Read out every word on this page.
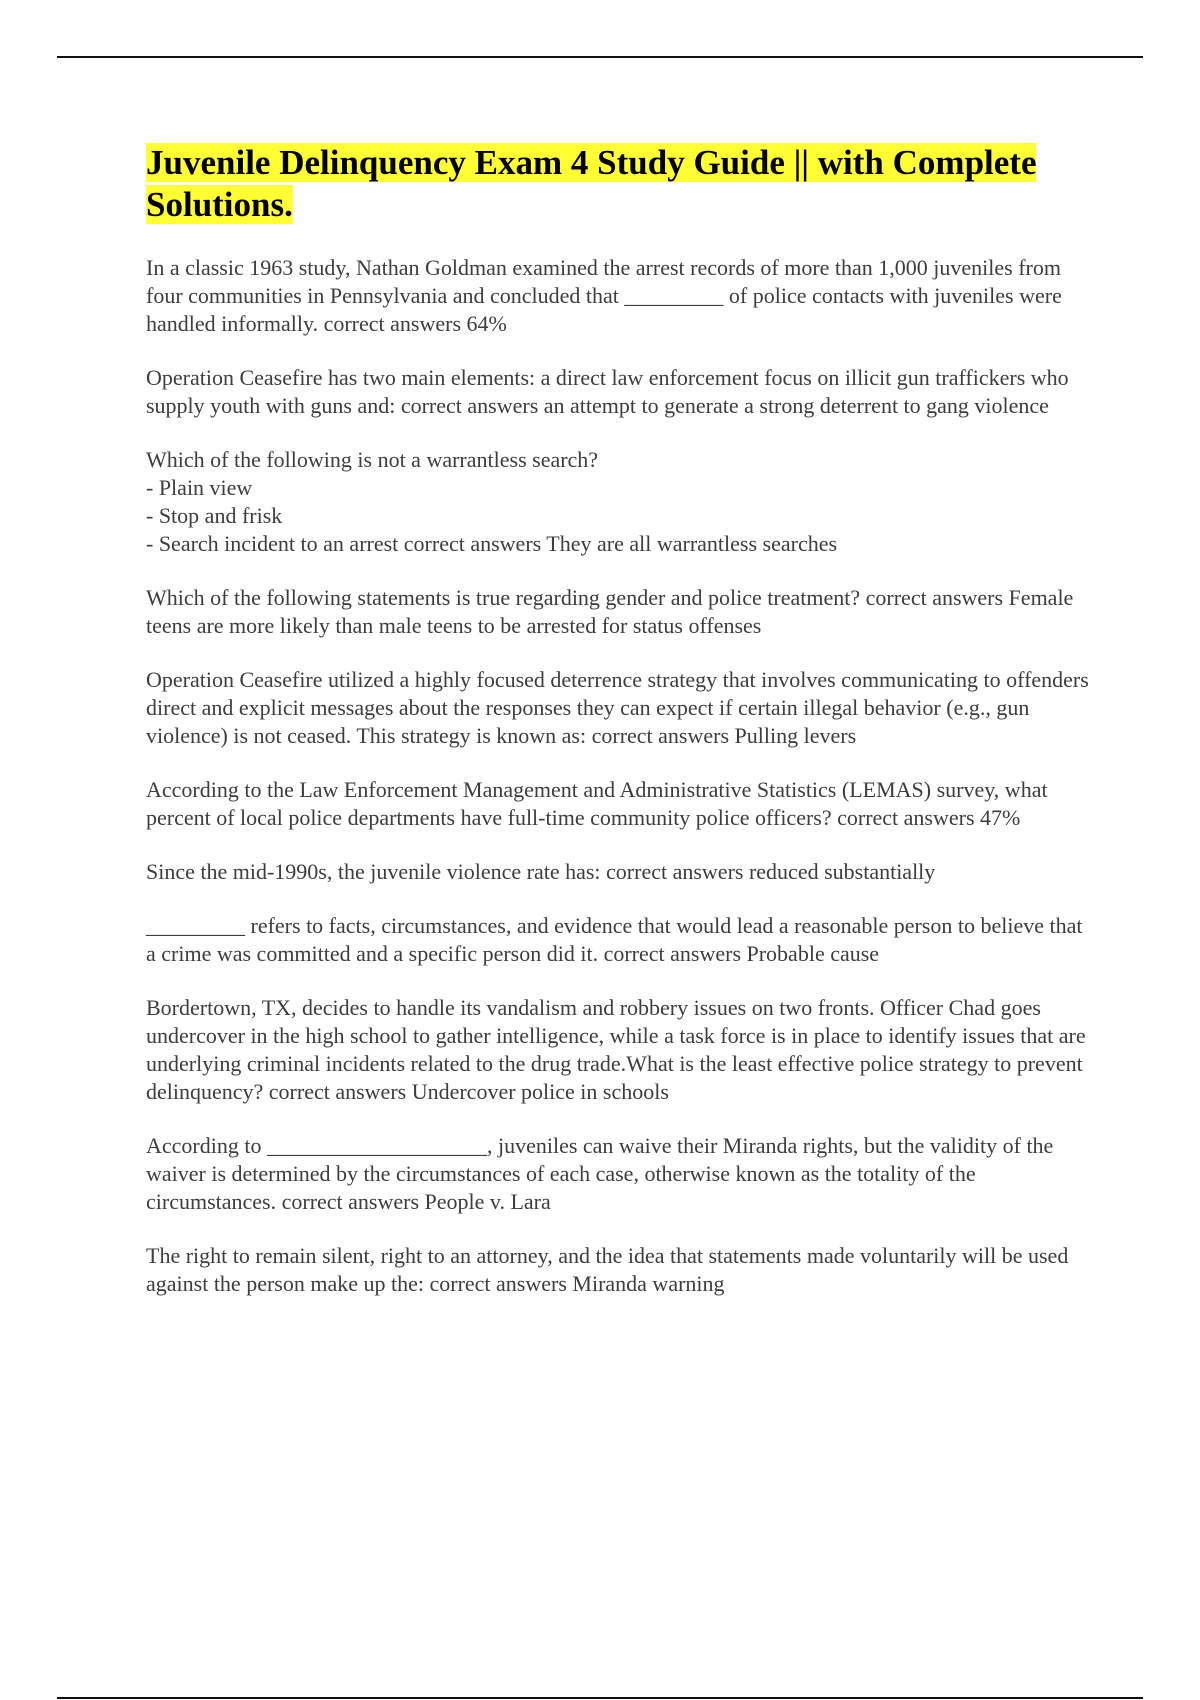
Juvenile Delinquency Exam 4 Study Guide || with Complete Solutions.

In a classic 1963 study, Nathan Goldman examined the arrest records of more than 1,000 juveniles from four communities in Pennsylvania and concluded that _________ of police contacts with juveniles were handled informally. correct answers 64%

Operation Ceasefire has two main elements: a direct law enforcement focus on illicit gun traffickers who supply youth with guns and: correct answers an attempt to generate a strong deterrent to gang violence

Which of the following is not a warrantless search?
- Plain view
- Stop and frisk
- Search incident to an arrest correct answers They are all warrantless searches

Which of the following statements is true regarding gender and police treatment? correct answers Female teens are more likely than male teens to be arrested for status offenses

Operation Ceasefire utilized a highly focused deterrence strategy that involves communicating to offenders direct and explicit messages about the responses they can expect if certain illegal behavior (e.g., gun violence) is not ceased. This strategy is known as: correct answers Pulling levers

According to the Law Enforcement Management and Administrative Statistics (LEMAS) survey, what percent of local police departments have full-time community police officers? correct answers 47%

Since the mid-1990s, the juvenile violence rate has: correct answers reduced substantially

_________ refers to facts, circumstances, and evidence that would lead a reasonable person to believe that a crime was committed and a specific person did it. correct answers Probable cause

Bordertown, TX, decides to handle its vandalism and robbery issues on two fronts. Officer Chad goes undercover in the high school to gather intelligence, while a task force is in place to identify issues that are underlying criminal incidents related to the drug trade.What is the least effective police strategy to prevent delinquency? correct answers Undercover police in schools

According to ____________________, juveniles can waive their Miranda rights, but the validity of the waiver is determined by the circumstances of each case, otherwise known as the totality of the circumstances. correct answers People v. Lara

The right to remain silent, right to an attorney, and the idea that statements made voluntarily will be used against the person make up the: correct answers Miranda warning
